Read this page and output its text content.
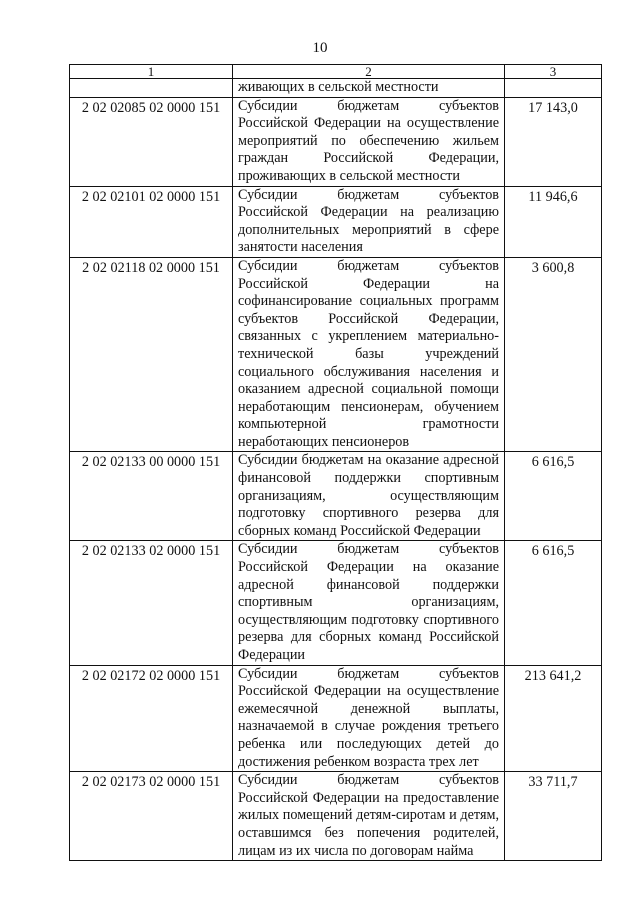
10
1	2	3
	живающих в сельской местности	
2 02 02085 02 0000 151	Субсидии бюджетам субъектов Российской Федерации на осуществление мероприятий по обеспечению жильем граждан Российской Федерации, проживающих в сельской местности	17 143,0
2 02 02101 02 0000 151	Субсидии бюджетам субъектов Российской Федерации на реализацию дополнительных мероприятий в сфере занятости населения	11 946,6
2 02 02118 02 0000 151	Субсидии бюджетам субъектов Российской Федерации на софинансирование социальных программ субъектов Российской Федерации, связанных с укреплением материально-технической базы учреждений социального обслуживания населения и оказанием адресной социальной помощи неработающим пенсионерам, обучением компьютерной грамотности неработающих пенсионеров	3 600,8
2 02 02133 00 0000 151	Субсидии бюджетам на оказание адресной финансовой поддержки спортивным организациям, осуществляющим подготовку спортивного резерва для сборных команд Российской Федерации	6 616,5
2 02 02133 02 0000 151	Субсидии бюджетам субъектов Российской Федерации на оказание адресной финансовой поддержки спортивным организациям, осуществляющим подготовку спортивного резерва для сборных команд Российской Федерации	6 616,5
2 02 02172 02 0000 151	Субсидии бюджетам субъектов Российской Федерации на осуществление ежемесячной денежной выплаты, назначаемой в случае рождения третьего ребенка или последующих детей до достижения ребенком возраста трех лет	213 641,2
2 02 02173 02 0000 151	Субсидии бюджетам субъектов Российской Федерации на предоставление жилых помещений детям-сиротам и детям, оставшимся без попечения родителей, лицам из их числа по договорам найма	33 711,7
